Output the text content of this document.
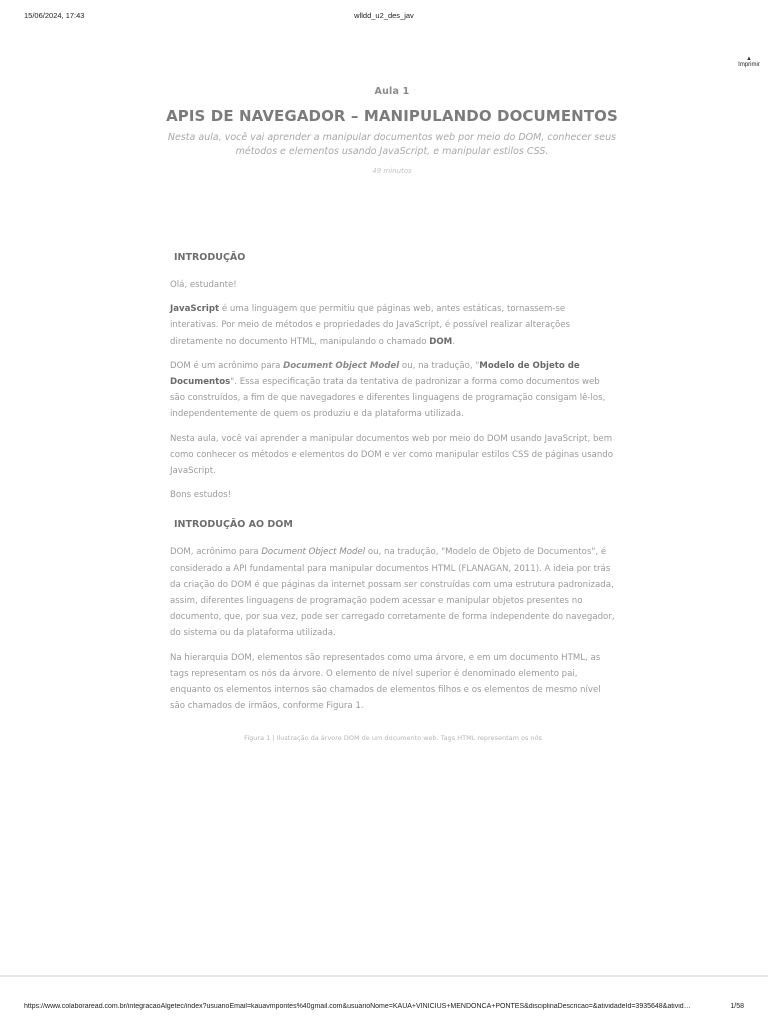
15/06/2024, 17:43	wlldd_u2_des_jav
▲
Imprimir

Aula 1

APIS DE NAVEGADOR – MANIPULANDO DOCUMENTOS

Nesta aula, você vai aprender a manipular documentos web por meio do DOM, conhecer seus métodos e elementos usando JavaScript, e manipular estilos CSS.

49 minutos
INTRODUÇÃO

Olá, estudante!

JavaScript é uma linguagem que permitiu que páginas web, antes estáticas, tornassem-se interativas. Por meio de métodos e propriedades do JavaScript, é possível realizar alterações diretamente no documento HTML, manipulando o chamado DOM.

DOM é um acrônimo para Document Object Model ou, na tradução, "Modelo de Objeto de Documentos". Essa especificação trata da tentativa de padronizar a forma como documentos web são construídos, a fim de que navegadores e diferentes linguagens de programação consigam lê-los, independentemente de quem os produziu e da plataforma utilizada.

Nesta aula, você vai aprender a manipular documentos web por meio do DOM usando JavaScript, bem como conhecer os métodos e elementos do DOM e ver como manipular estilos CSS de páginas usando JavaScript.

Bons estudos!

INTRODUÇÃO AO DOM

DOM, acrônimo para Document Object Model ou, na tradução, "Modelo de Objeto de Documentos", é considerado a API fundamental para manipular documentos HTML (FLANAGAN, 2011). A ideia por trás da criação do DOM é que páginas da internet possam ser construídas com uma estrutura padronizada, assim, diferentes linguagens de programação podem acessar e manipular objetos presentes no documento, que, por sua vez, pode ser carregado corretamente de forma independente do navegador, do sistema ou da plataforma utilizada.

Na hierarquia DOM, elementos são representados como uma árvore, e em um documento HTML, as tags representam os nós da árvore. O elemento de nível superior é denominado elemento pai, enquanto os elementos internos são chamados de elementos filhos e os elementos de mesmo nível são chamados de irmãos, conforme Figura 1.

Figura 1 | Ilustração da árvore DOM de um documento web. Tags HTML representam os nós
https://www.colaboraread.com.br/integracaoAlgetec/index?usuarioEmail=kauavmpontes%40gmail.com&usuarioNome=KAUA+VINICIUS+MENDONCA+PONTES&disciplinaDescricao=&atividadeId=3935648&ativid…	1/58
